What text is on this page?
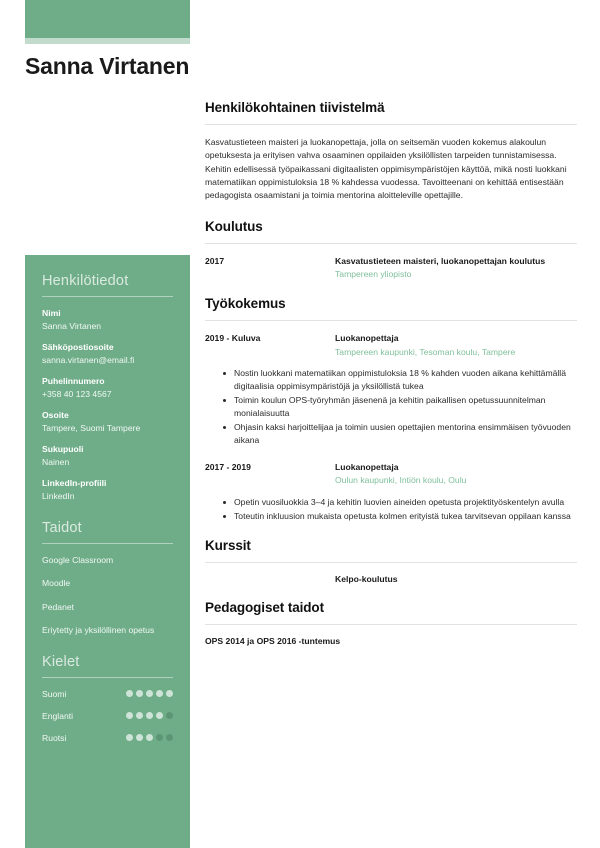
Sanna Virtanen
Henkilötiedot
Nimi
Sanna Virtanen
Sähköpostiosoite
sanna.virtanen@email.fi
Puhelinnumero
+358 40 123 4567
Osoite
Tampere, Suomi Tampere
Sukupuoli
Nainen
LinkedIn-profiili
LinkedIn
Taidot
Google Classroom
Moodle
Pedanet
Eriytetty ja yksilöllinen opetus
Kielet
Suomi
Englanti
Ruotsi
Henkilökohtainen tiivistelmä

Kasvatustieteen maisteri ja luokanopettaja, jolla on seitsemän vuoden kokemus alakoulun opetuksesta ja erityisen vahva osaaminen oppilaiden yksilöllisten tarpeiden tunnistamisessa. Kehitin edellisessä työpaikassani digitaalisten oppimisympäristöjen käyttöä, mikä nosti luokkani matematiikan oppimistuloksia 18 % kahdessa vuodessa. Tavoitteenani on kehittää entisestään pedagogista osaamistani ja toimia mentorina aloitteleville opettajille.

Koulutus
2017	Kasvatustieteen maisteri, luokanopettajan koulutus
Tampereen yliopisto
Työkokemus
2019 - Kuluva	Luokanopettaja
Tampereen kaupunki, Tesoman koulu, Tampere
Nostin luokkani matematiikan oppimistuloksia 18 % kahden vuoden aikana kehittämällä digitaalisia oppimisympäristöjä ja yksilöllistä tukea
Toimin koulun OPS-työryhmän jäsenenä ja kehitin paikallisen opetussuunnitelman monialaisuutta
Ohjasin kaksi harjoittelijaa ja toimin uusien opettajien mentorina ensimmäisen työvuoden aikana
2017 - 2019	Luokanopettaja
Oulun kaupunki, Intiön koulu, Oulu
Opetin vuosiluokkia 3–4 ja kehitin luovien aineiden opetusta projektityöskentelyn avulla
Toteutin inkluusion mukaista opetusta kolmen erityistä tukea tarvitsevan oppilaan kanssa
Kurssit
Kelpo-koulutus
Pedagogiset taidot
OPS 2014 ja OPS 2016 -tuntemus
